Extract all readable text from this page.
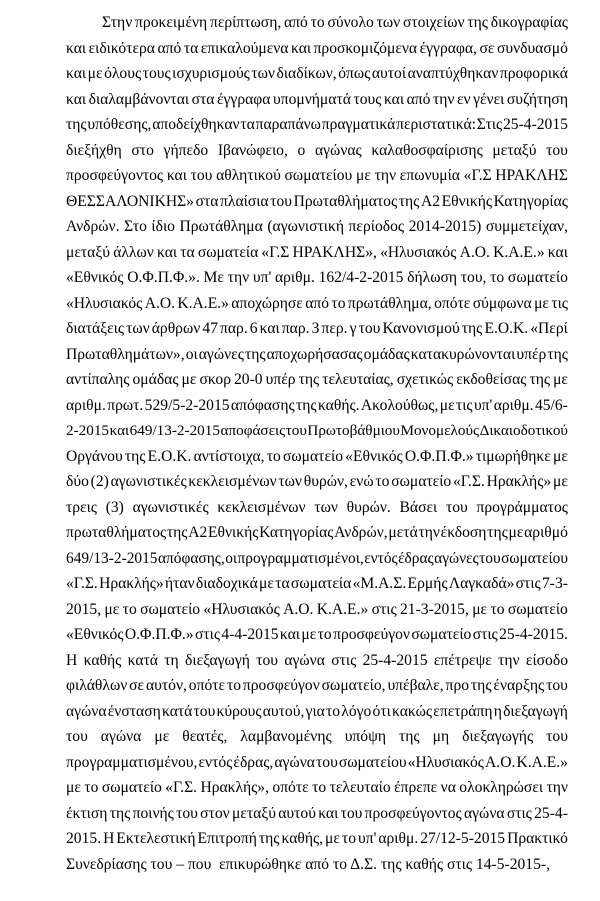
Στην προκειμένη περίπτωση, από το σύνολο των στοιχείων της δικογραφίας
και ειδικότερα από τα επικαλούμενα και προσκομιζόμενα έγγραφα, σε συνδυασμό
και με όλους τους ισχυρισμούς των διαδίκων, όπως αυτοί αναπτύχθηκαν προφορικά
και διαλαμβάνονται στα έγγραφα υπομνήματά τους και από την εν γένει συζήτηση
της υπόθεσης, αποδείχθηκαν τα παραπάνω πραγματικά περιστατικά: Στις 25-4-2015
διεξήχθη στο γήπεδο Ιβανώφειο, ο αγώνας καλαθοσφαίρισης μεταξύ του
προσφεύγοντος και του αθλητικού σωματείου με την επωνυμία «Γ.Σ ΗΡΑΚΛΗΣ
ΘΕΣΣΑΛΟΝΙΚΗΣ» στα πλαίσια του Πρωταθλήματος της Α2 Εθνικής Κατηγορίας
Ανδρών. Στο ίδιο Πρωτάθλημα (αγωνιστική περίοδος 2014-2015) συμμετείχαν,
μεταξύ άλλων και τα σωματεία «Γ.Σ ΗΡΑΚΛΗΣ», «Ηλυσιακός Α.Ο. Κ.Α.Ε.» και
«Εθνικός Ο.Φ.Π.Φ.». Με την υπ' αριθμ. 162/4-2-2015 δήλωση του, το σωματείο
«Ηλυσιακός Α.Ο. Κ.Α.Ε.» αποχώρησε από το πρωτάθλημα, οπότε σύμφωνα με τις
διατάξεις των άρθρων 47 παρ. 6 και παρ. 3 περ. γ του Κανονισμού της Ε.Ο.Κ. «Περί
Πρωταθλημάτων», οι αγώνες της αποχωρήσασας ομάδας κατακυρώνονται υπέρ της
αντίπαλης ομάδας με σκορ 20-0 υπέρ της τελευταίας, σχετικώς εκδοθείσας της με
αριθμ. πρωτ. 529/5-2-2015 απόφασης της καθής. Ακολούθως, με τις υπ' αριθμ. 45/6-
2-2015 και 649/13-2-2015 αποφάσεις του Πρωτοβάθμιου Μονομελούς Δικαιοδοτικού
Οργάνου της Ε.Ο.Κ. αντίστοιχα, το σωματείο «Εθνικός Ο.Φ.Π.Φ.» τιμωρήθηκε με
δύο (2) αγωνιστικές κεκλεισμένων των θυρών, ενώ το σωματείο «Γ.Σ. Ηρακλής» με
τρεις (3) αγωνιστικές κεκλεισμένων των θυρών. Βάσει του προγράμματος
πρωταθλήματος της Α2 Εθνικής Κατηγορίας Ανδρών, μετά την έκδοση της με αριθμό
649/13-2-2015 απόφασης, οι προγραμματισμένοι, εντός έδρας αγώνες του σωματείου
«Γ.Σ. Ηρακλής» ήταν διαδοχικά με τα σωματεία «Μ.Α.Σ. Ερμής Λαγκαδά» στις 7-3-
2015, με το σωματείο «Ηλυσιακός Α.Ο. Κ.Α.Ε.» στις 21-3-2015, με το σωματείο
«Εθνικός Ο.Φ.Π.Φ.» στις 4-4-2015 και με το προσφεύγον σωματείο στις 25-4-2015.
Η καθής κατά τη διεξαγωγή του αγώνα στις 25-4-2015 επέτρεψε την είσοδο
φιλάθλων σε αυτόν, οπότε το προσφεύγον σωματείο, υπέβαλε, προ της έναρξης του
αγώνα ένσταση κατά του κύρους αυτού, για το λόγο ότι κακώς επετράπη η διεξαγωγή
του αγώνα με θεατές, λαμβανομένης υπόψη της μη διεξαγωγής του
προγραμματισμένου, εντός έδρας, αγώνα του σωματείου «Ηλυσιακός Α.Ο. Κ.Α.Ε.»
με το σωματείο «Γ.Σ. Ηρακλής», οπότε το τελευταίο έπρεπε να ολοκληρώσει την
έκτιση της ποινής του στον μεταξύ αυτού και του προσφεύγοντος αγώνα στις 25-4-
2015. Η Εκτελεστική Επιτροπή της καθής, με το υπ' αριθμ. 27/12-5-2015 Πρακτικό
Συνεδρίασης του – που  επικυρώθηκε από το Δ.Σ. της καθής στις 14-5-2015-,
